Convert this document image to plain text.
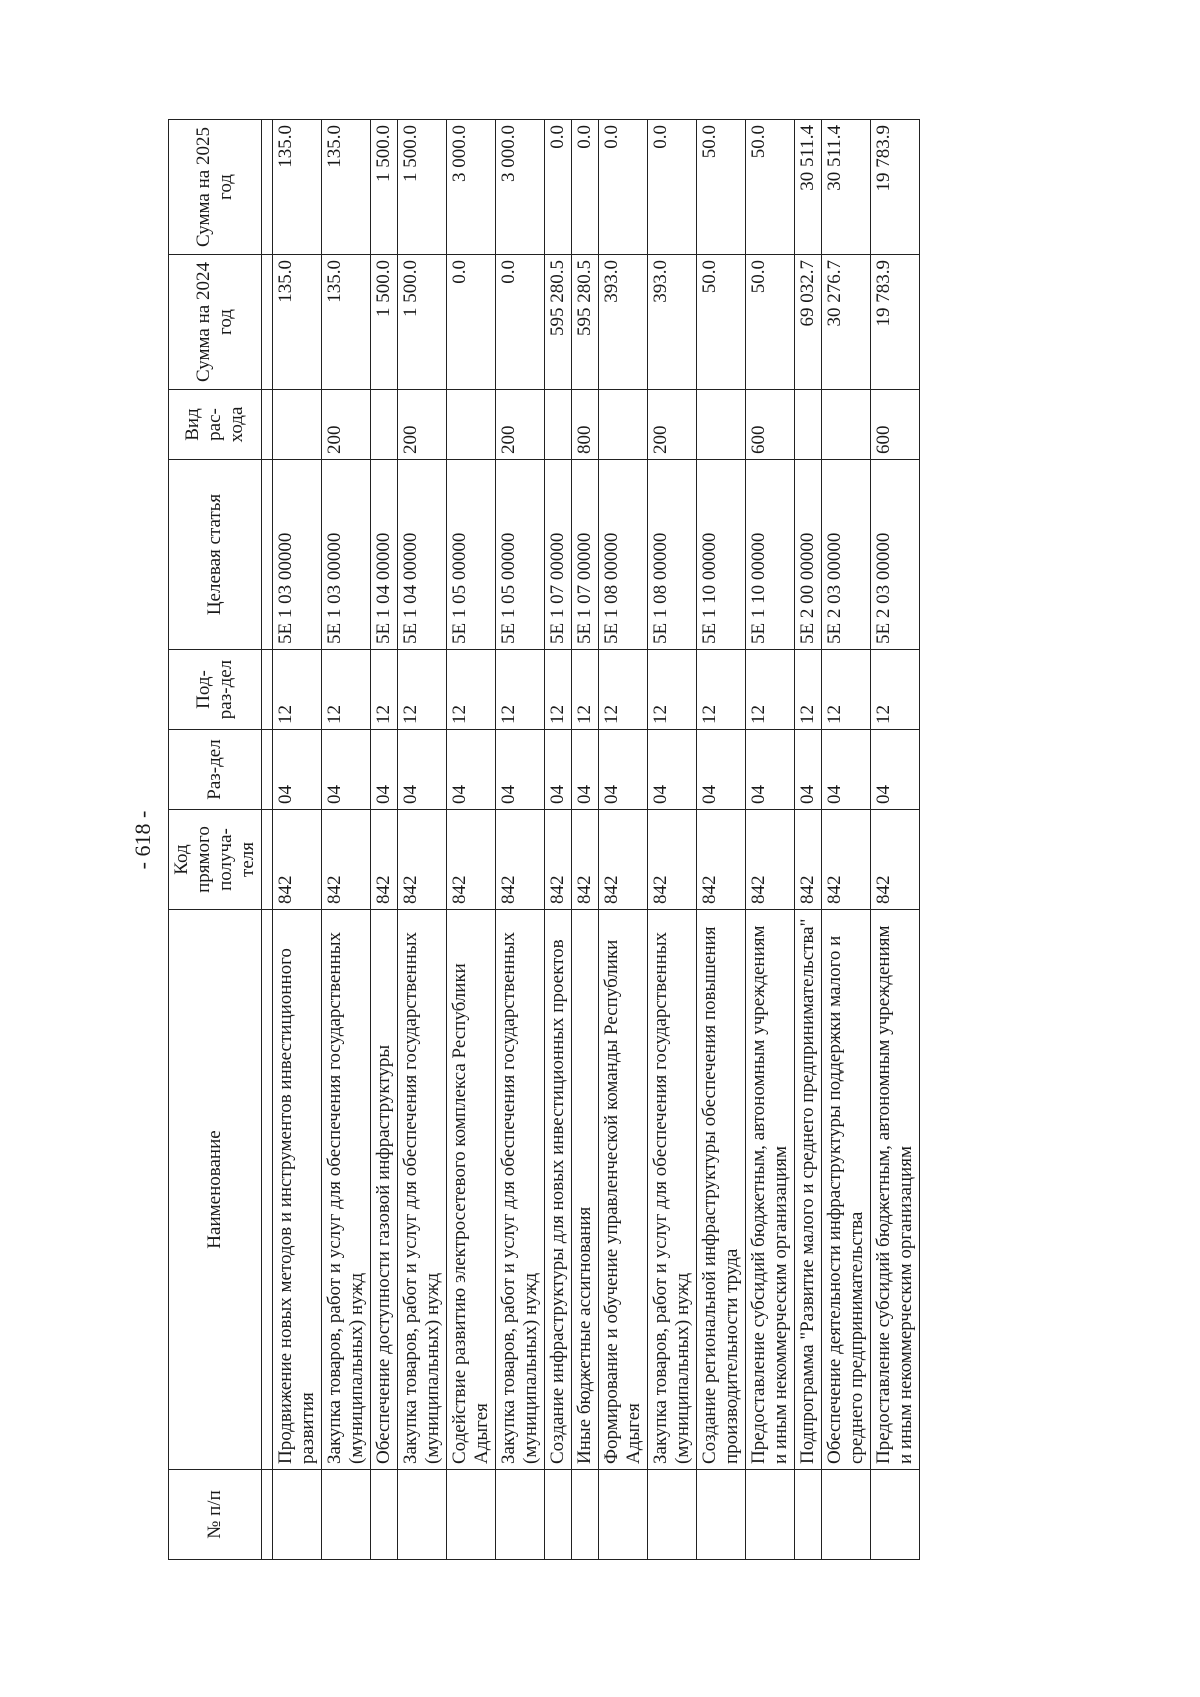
- 618 -
№ п/п	Наименование	Код прямого получа-теля	Раз-дел	Под-раз-дел	Целевая статья	Вид рас-хода	Сумма на 2024 год	Сумма на 2025 год

	Продвижение новых методов и инструментов инвестиционного развития	842	04	12	5Е 1 03 00000		135.0	135.0
	Закупка товаров, работ и услуг для обеспечения государственных (муниципальных) нужд	842	04	12	5Е 1 03 00000	200	135.0	135.0
	Обеспечение доступности газовой инфраструктуры	842	04	12	5Е 1 04 00000		1 500.0	1 500.0
	Закупка товаров, работ и услуг для обеспечения государственных (муниципальных) нужд	842	04	12	5Е 1 04 00000	200	1 500.0	1 500.0
	Содействие развитию электросетевого комплекса Республики Адыгея	842	04	12	5Е 1 05 00000		0.0	3 000.0
	Закупка товаров, работ и услуг для обеспечения государственных (муниципальных) нужд	842	04	12	5Е 1 05 00000	200	0.0	3 000.0
	Создание инфраструктуры для новых инвестиционных проектов	842	04	12	5Е 1 07 00000		595 280.5	0.0
	Иные бюджетные ассигнования	842	04	12	5Е 1 07 00000	800	595 280.5	0.0
	Формирование и обучение управленческой команды Республики Адыгея	842	04	12	5Е 1 08 00000		393.0	0.0
	Закупка товаров, работ и услуг для обеспечения государственных (муниципальных) нужд	842	04	12	5Е 1 08 00000	200	393.0	0.0
	Создание региональной инфраструктуры обеспечения повышения производительности труда	842	04	12	5Е 1 10 00000		50.0	50.0
	Предоставление субсидий бюджетным, автономным учреждениям и иным некоммерческим организациям	842	04	12	5Е 1 10 00000	600	50.0	50.0
	Подпрограмма "Развитие малого и среднего предпринимательства"	842	04	12	5Е 2 00 00000		69 032.7	30 511.4
	Обеспечение деятельности инфраструктуры поддержки малого и среднего предпринимательства	842	04	12	5Е 2 03 00000		30 276.7	30 511.4
	Предоставление субсидий бюджетным, автономным учреждениям и иным некоммерческим организациям	842	04	12	5Е 2 03 00000	600	19 783.9	19 783.9
